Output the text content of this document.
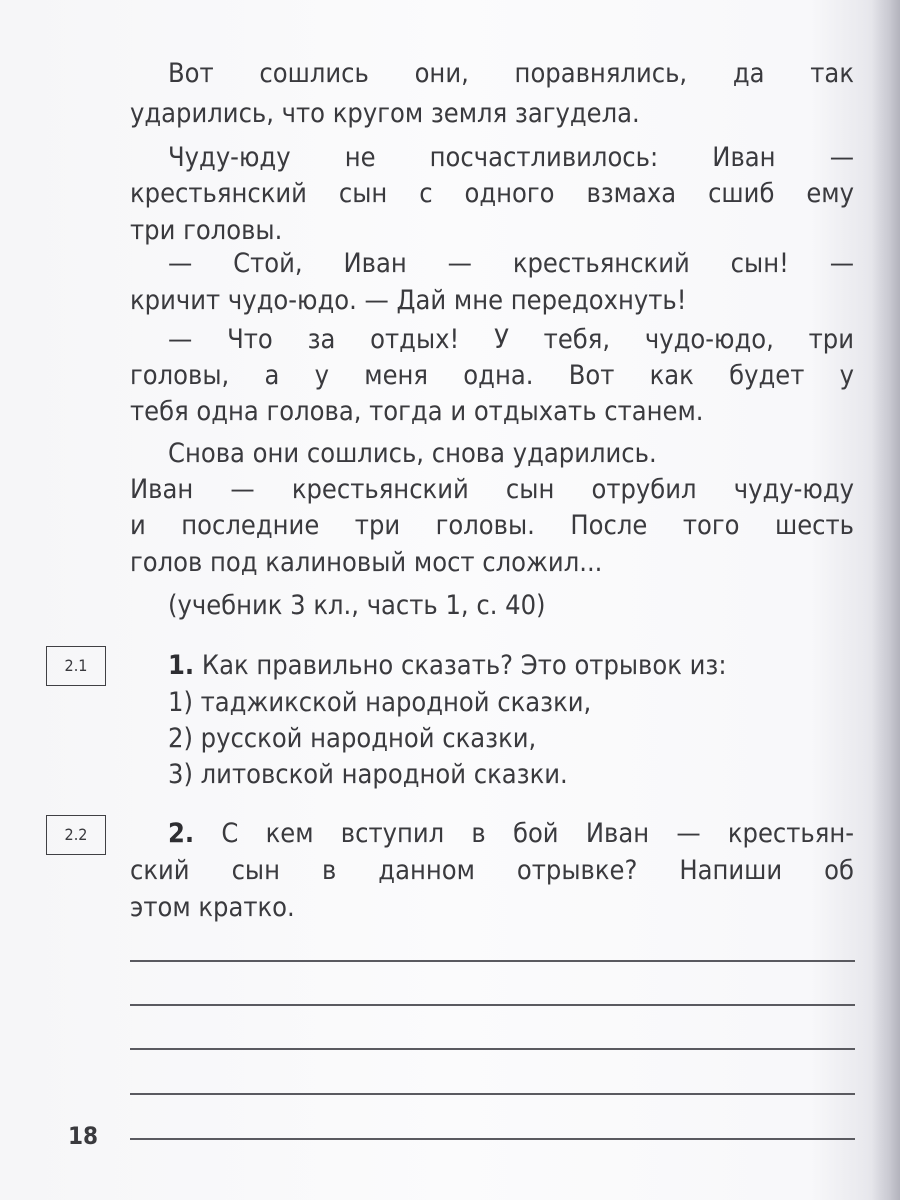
Вот сошлись они, поравнялись, да так
ударились, что кругом земля загудела.
Чуду-юду не посчастливилось: Иван —
крестьянский сын с одного взмаха сшиб ему
три головы.
— Стой, Иван — крестьянский сын! —
кричит чудо-юдо. — Дай мне передохнуть!
— Что за отдых! У тебя, чудо-юдо, три
головы, а у меня одна. Вот как будет у
тебя одна голова, тогда и отдыхать станем.
Снова они сошлись, снова ударились.
Иван — крестьянский сын отрубил чуду-юду
и последние три головы. После того шесть
голов под калиновый мост сложил...
(учебник 3 кл., часть 1, с. 40)
2.1	1. Как правильно сказать? Это отрывок из:
1) таджикской народной сказки,
2) русской народной сказки,
3) литовской народной сказки.
2.2	2. С кем вступил в бой Иван — крестьян-
ский сын в данном отрывке? Напиши об
этом кратко.
18
